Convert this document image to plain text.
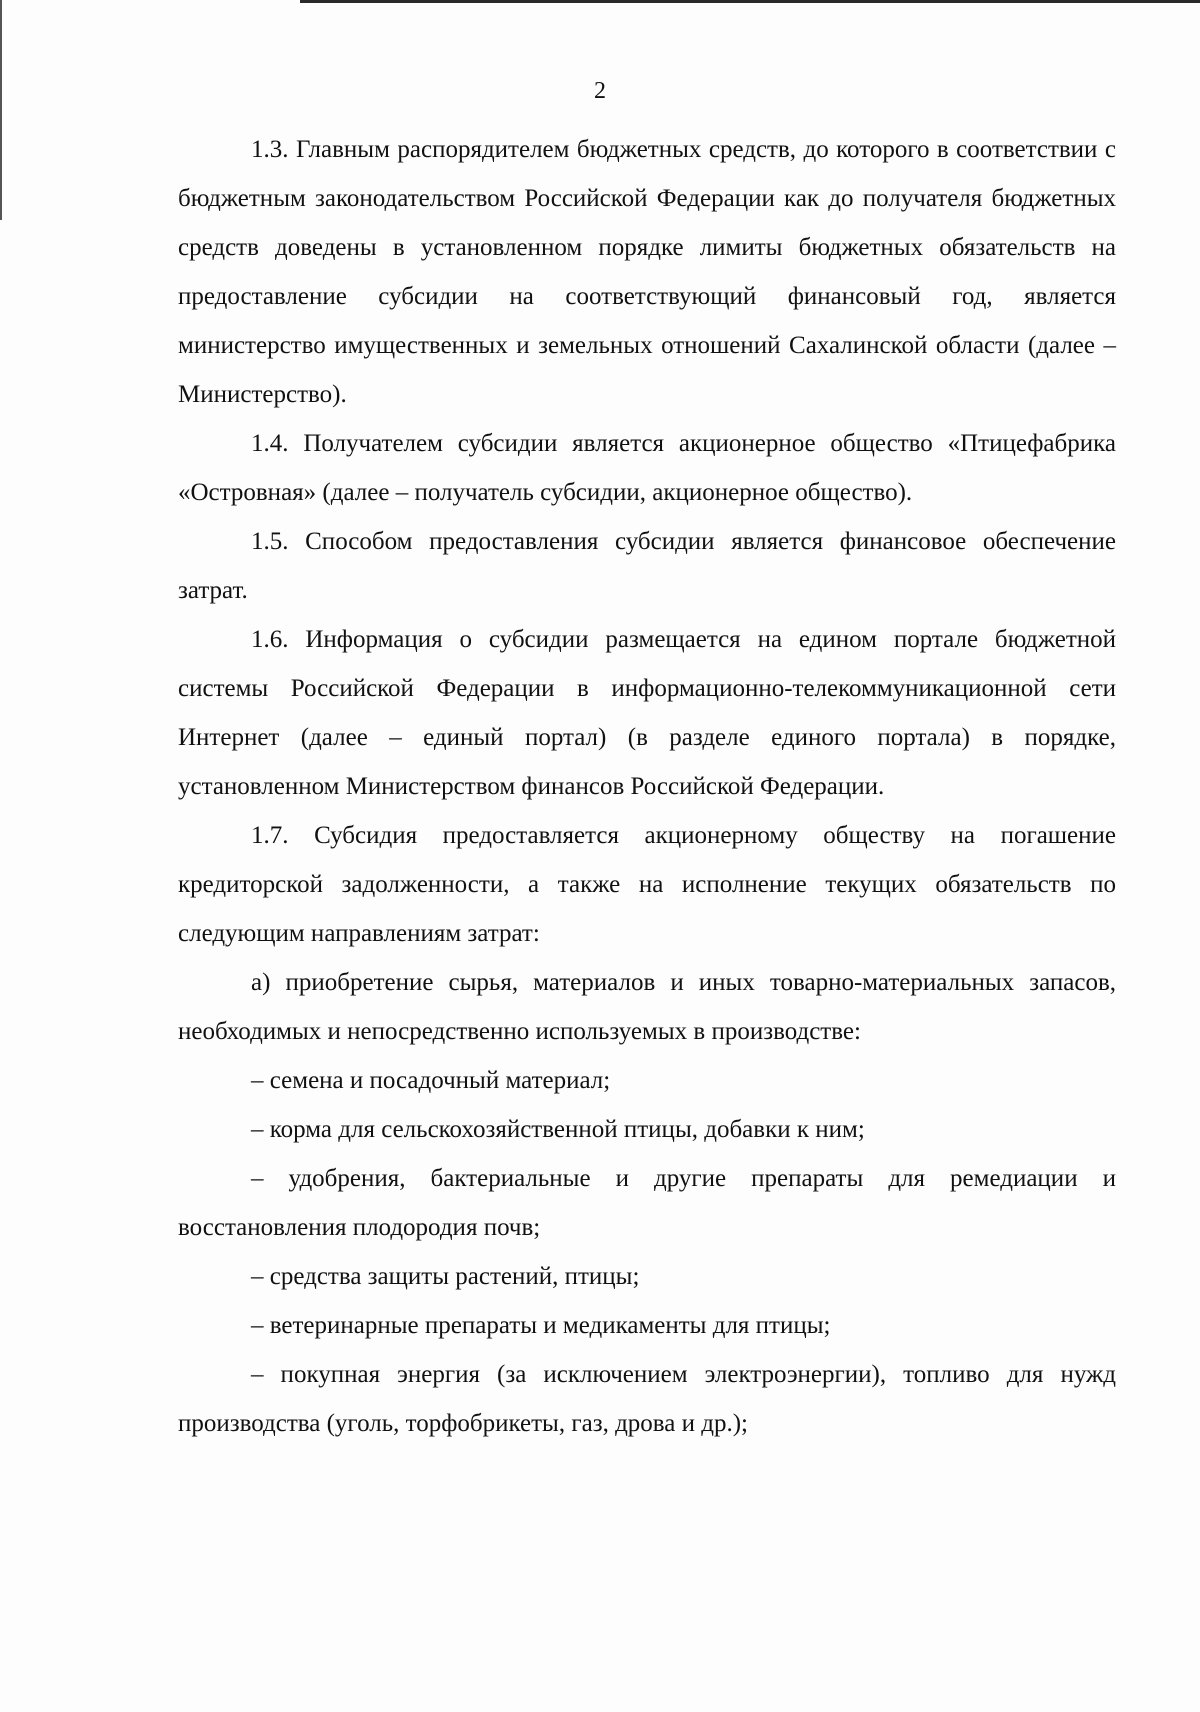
2

1.3. Главным распорядителем бюджетных средств, до которого в соответствии с бюджетным законодательством Российской Федерации как до получателя бюджетных средств доведены в установленном порядке лимиты бюджетных обязательств на предоставление субсидии на соответствующий финансовый год, является министерство имущественных и земельных отношений Сахалинской области (далее – Министерство).

1.4. Получателем субсидии является акционерное общество «Птицефабрика «Островная» (далее – получатель субсидии, акционерное общество).

1.5. Способом предоставления субсидии является финансовое обеспечение затрат.

1.6. Информация о субсидии размещается на едином портале бюджетной системы Российской Федерации в информационно-телекоммуникационной сети Интернет (далее – единый портал) (в разделе единого портала) в порядке, установленном Министерством финансов Российской Федерации.

1.7. Субсидия предоставляется акционерному обществу на погашение кредиторской задолженности, а также на исполнение текущих обязательств по следующим направлениям затрат:

а) приобретение сырья, материалов и иных товарно-материальных запасов, необходимых и непосредственно используемых в производстве:

– семена и посадочный материал;

– корма для сельскохозяйственной птицы, добавки к ним;

– удобрения, бактериальные и другие препараты для ремедиации и восстановления плодородия почв;

– средства защиты растений, птицы;

– ветеринарные препараты и медикаменты для птицы;

– покупная энергия (за исключением электроэнергии), топливо для нужд производства (уголь, торфобрикеты, газ, дрова и др.);
